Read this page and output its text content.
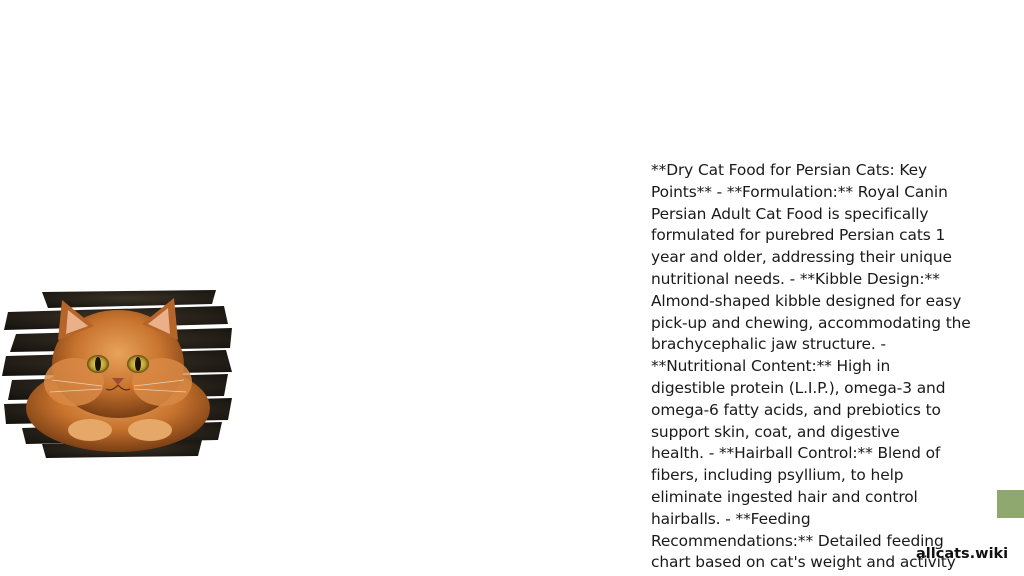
**Dry Cat Food for Persian Cats: Key
Points** - **Formulation:** Royal Canin
Persian Adult Cat Food is specifically
formulated for purebred Persian cats 1
year and older, addressing their unique
nutritional needs. - **Kibble Design:**
Almond-shaped kibble designed for easy
pick-up and chewing, accommodating the
brachycephalic jaw structure. -
**Nutritional Content:** High in
digestible protein (L.I.P.), omega-3 and
omega-6 fatty acids, and prebiotics to
support skin, coat, and digestive
health. - **Hairball Control:** Blend of
fibers, including psyllium, to help
eliminate ingested hair and control
hairballs. - **Feeding
Recommendations:** Detailed feeding
chart based on cat's weight and activity
allcats.wiki
